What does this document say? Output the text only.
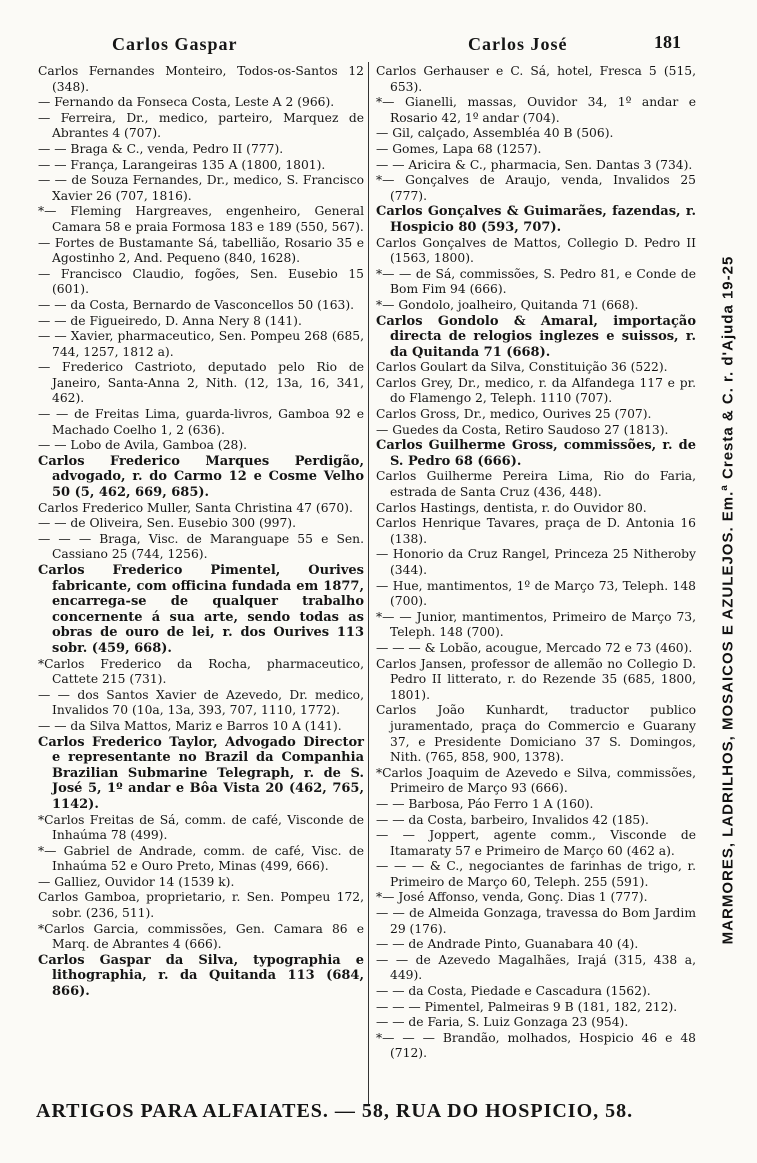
Carlos Gaspar	Carlos José	181

Carlos Fernandes Monteiro, Todos-os-Santos 12 (348).

— Fernando da Fonseca Costa, Leste A 2 (966).

— Ferreira, Dr., medico, parteiro, Marquez de Abrantes 4 (707).

— — Braga & C., venda, Pedro II (777).

— — França, Larangeiras 135 A (1800, 1801).

— — de Souza Fernandes, Dr., medico, S. Francisco Xavier 26 (707, 1816).

*— Fleming Hargreaves, engenheiro, General Camara 58 e praia Formosa 183 e 189 (550, 567).

— Fortes de Bustamante Sá, tabellião, Rosario 35 e Agostinho 2, And. Pequeno (840, 1628).

— Francisco Claudio, fogões, Sen. Eusebio 15 (601).

— — da Costa, Bernardo de Vasconcellos 50 (163).

— — de Figueiredo, D. Anna Nery 8 (141).

— — Xavier, pharmaceutico, Sen. Pompeu 268 (685, 744, 1257, 1812 a).

— Frederico Castrioto, deputado pelo Rio de Janeiro, Santa-Anna 2, Nith. (12, 13a, 16, 341, 462).

— — de Freitas Lima, guarda-livros, Gamboa 92 e Machado Coelho 1, 2 (636).

— — Lobo de Avila, Gamboa (28).

Carlos Frederico Marques Perdigão, advogado, r. do Carmo 12 e Cosme Velho 50 (5, 462, 669, 685).

Carlos Frederico Muller, Santa Christina 47 (670).

— — de Oliveira, Sen. Eusebio 300 (997).

— — — Braga, Visc. de Maranguape 55 e Sen. Cassiano 25 (744, 1256).

Carlos Frederico Pimentel, Ourives fabricante, com officina fundada em 1877, encarrega-se de qualquer trabalho concernente á sua arte, sendo todas as obras de ouro de lei, r. dos Ourives 113 sobr. (459, 668).

*Carlos Frederico da Rocha, pharmaceutico, Cattete 215 (731).

— — dos Santos Xavier de Azevedo, Dr. medico, Invalidos 70 (10a, 13a, 393, 707, 1110, 1772).

— — da Silva Mattos, Mariz e Barros 10 A (141).

Carlos Frederico Taylor, Advogado Director e representante no Brazil da Companhia Brazilian Submarine Telegraph, r. de S. José 5, 1º andar e Bôa Vista 20 (462, 765, 1142).

*Carlos Freitas de Sá, comm. de café, Visconde de Inhaúma 78 (499).

*— Gabriel de Andrade, comm. de café, Visc. de Inhaúma 52 e Ouro Preto, Minas (499, 666).

— Galliez, Ouvidor 14 (1539 k).

Carlos Gamboa, proprietario, r. Sen. Pompeu 172, sobr. (236, 511).

*Carlos Garcia, commissões, Gen. Camara 86 e Marq. de Abrantes 4 (666).

Carlos Gaspar da Silva, typographia e lithographia, r. da Quitanda 113 (684, 866).

Carlos Gerhauser e C. Sá, hotel, Fresca 5 (515, 653).

*— Gianelli, massas, Ouvidor 34, 1º andar e Rosario 42, 1º andar (704).

— Gil, calçado, Assembléa 40 B (506).

— Gomes, Lapa 68 (1257).

— — Aricira & C., pharmacia, Sen. Dantas 3 (734).

*— Gonçalves de Araujo, venda, Invalidos 25 (777).

Carlos Gonçalves & Guimarães, fazendas, r. Hospicio 80 (593, 707).

Carlos Gonçalves de Mattos, Collegio D. Pedro II (1563, 1800).

*— — de Sá, commissões, S. Pedro 81, e Conde de Bom Fim 94 (666).

*— Gondolo, joalheiro, Quitanda 71 (668).

Carlos Gondolo & Amaral, importação directa de relogios inglezes e suissos, r. da Quitanda 71 (668).

Carlos Goulart da Silva, Constituição 36 (522).

Carlos Grey, Dr., medico, r. da Alfandega 117 e pr. do Flamengo 2, Teleph. 1110 (707).

Carlos Gross, Dr., medico, Ourives 25 (707).

— Guedes da Costa, Retiro Saudoso 27 (1813).

Carlos Guilherme Gross, commissões, r. de S. Pedro 68 (666).

Carlos Guilherme Pereira Lima, Rio do Faria, estrada de Santa Cruz (436, 448).

Carlos Hastings, dentista, r. do Ouvidor 80.

Carlos Henrique Tavares, praça de D. Antonia 16 (138).

— Honorio da Cruz Rangel, Princeza 25 Nitheroby (344).

— Hue, mantimentos, 1º de Março 73, Teleph. 148 (700).

*— — Junior, mantimentos, Primeiro de Março 73, Teleph. 148 (700).

— — — & Lobão, acougue, Mercado 72 e 73 (460).

Carlos Jansen, professor de allemão no Collegio D. Pedro II litterato, r. do Rezende 35 (685, 1800, 1801).

Carlos João Kunhardt, traductor publico juramentado, praça do Commercio e Guarany 37, e Presidente Domiciano 37 S. Domingos, Nith. (765, 858, 900, 1378).

*Carlos Joaquim de Azevedo e Silva, commissões, Primeiro de Março 93 (666).

— — Barbosa, Páo Ferro 1 A (160).

— — da Costa, barbeiro, Invalidos 42 (185).

— — Joppert, agente comm., Visconde de Itamaraty 57 e Primeiro de Março 60 (462 a).

— — — & C., negociantes de farinhas de trigo, r. Primeiro de Março 60, Teleph. 255 (591).

*— José Affonso, venda, Gonç. Dias 1 (777).

— — de Almeida Gonzaga, travessa do Bom Jardim 29 (176).

— — de Andrade Pinto, Guanabara 40 (4).

— — de Azevedo Magalhães, Irajá (315, 438 a, 449).

— — da Costa, Piedade e Cascadura (1562).

— — — Pimentel, Palmeiras 9 B (181, 182, 212).

— — de Faria, S. Luiz Gonzaga 23 (954).

*— — — Brandão, molhados, Hospicio 46 e 48 (712).

MARMORES, LADRILHOS, MOSAICOS E AZULEJOS. Em.ª Cresta & C. r. d'Ajuda 19-25
ARTIGOS PARA ALFAIATES. — 58, RUA DO HOSPICIO, 58.
